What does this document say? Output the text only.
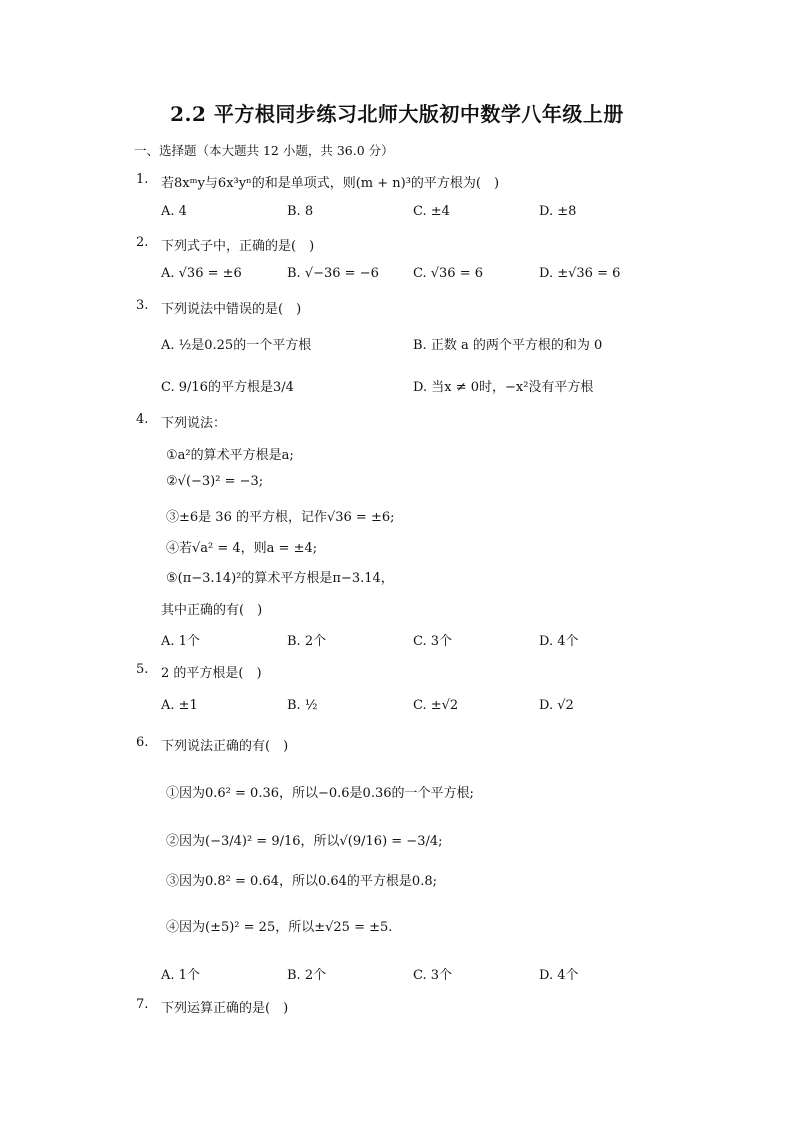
2.2 平方根同步练习北师大版初中数学八年级上册
一、选择题（本大题共 12 小题，共 36.0 分）
1. 若8xᵐy与6x³yⁿ的和是单项式，则(m + n)³的平方根为(　)
A. 4	B. 8	C. ±4	D. ±8
2. 下列式子中，正确的是(　)
A. √36 = ±6	B. √−36 = −6	C. √36 = 6	D. ±√36 = 6
3. 下列说法中错误的是(　)
A. ½是0.25的一个平方根	B. 正数 a 的两个平方根的和为 0
C. 9/16的平方根是3/4	D. 当x ≠ 0时，−x²没有平方根
4. 下列说法：
①a²的算术平方根是a;
②√(−3)² = −3;
③±6是 36 的平方根，记作√36 = ±6;
④若√a² = 4，则a = ±4;
⑤(π−3.14)²的算术平方根是π−3.14，
其中正确的有(　)
A. 1个	B. 2个	C. 3个	D. 4个
5. 2 的平方根是(　)
A. ±1	B. ½	C. ±√2	D. √2
6. 下列说法正确的有(　)
①因为0.6² = 0.36，所以−0.6是0.36的一个平方根;
②因为(−3/4)² = 9/16，所以√(9/16) = −3/4;
③因为0.8² = 0.64，所以0.64的平方根是0.8;
④因为(±5)² = 25，所以±√25 = ±5.
A. 1个	B. 2个	C. 3个	D. 4个
7. 下列运算正确的是(　)
